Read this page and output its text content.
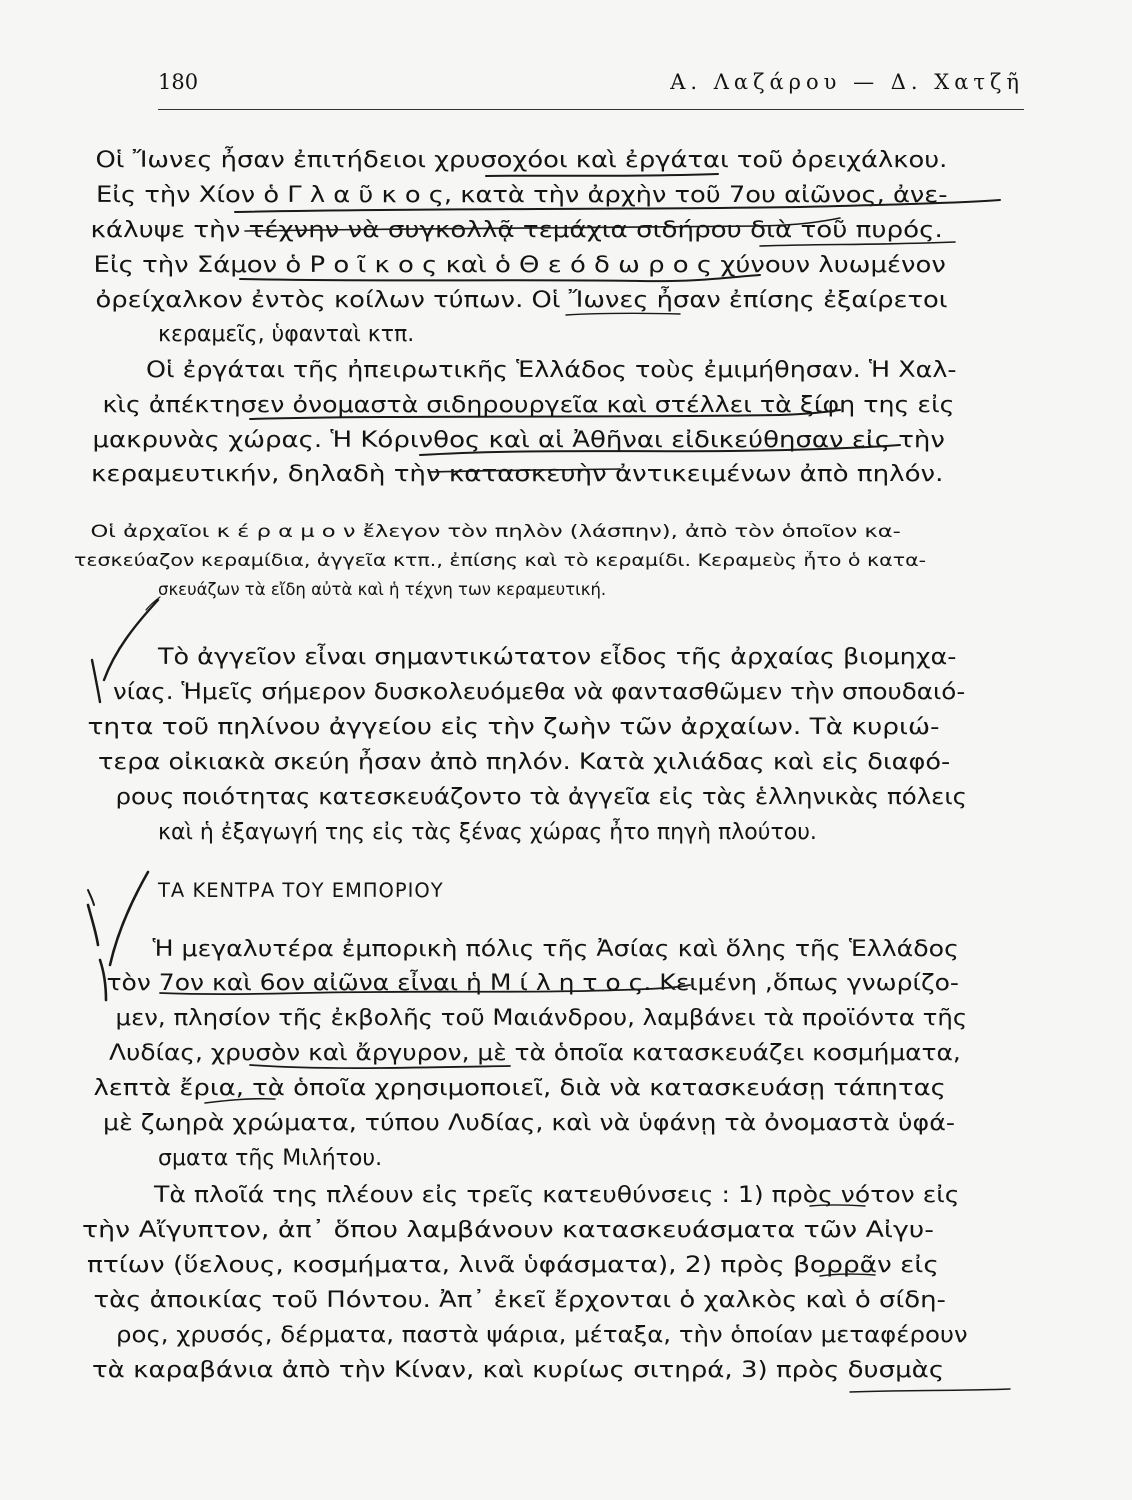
180	Α. Λαζάρου — Δ. Χατζῆ
Οἱ Ἴωνες ἦσαν ἐπιτήδειοι χρυσοχόοι καὶ ἐργάται τοῦ ὀρειχάλκου.
Εἰς τὴν Χίον ὁ Γ λ α ῦ κ ο ς, κατὰ τὴν ἀρχὴν τοῦ 7ου αἰῶνος, ἀνε-
κάλυψε τὴν τέχνην νὰ συγκολλᾷ τεμάχια σιδήρου διὰ τοῦ πυρός.
Εἰς τὴν Σάμον ὁ Ρ ο ῖ κ ο ς καὶ ὁ Θ ε ό δ ω ρ ο ς χύνουν λυωμένον
ὀρείχαλκον ἐντὸς κοίλων τύπων. Οἱ Ἴωνες ἦσαν ἐπίσης ἐξαίρετοι
κεραμεῖς, ὑφανταὶ κτπ.
Οἱ ἐργάται τῆς ἠπειρωτικῆς Ἑλλάδος τοὺς ἐμιμήθησαν. Ἡ Χαλ-
κὶς ἀπέκτησεν ὀνομαστὰ σιδηρουργεῖα καὶ στέλλει τὰ ξίφη της εἰς
μακρυνὰς χώρας. Ἡ Κόρινθος καὶ αἱ Ἀθῆναι εἰδικεύθησαν εἰς τὴν
κεραμευτικήν, δηλαδὴ τὴν κατασκευὴν ἀντικειμένων ἀπὸ πηλόν.
Οἱ ἀρχαῖοι κ έ ρ α μ ο ν ἔλεγον τὸν πηλὸν (λάσπην), ἀπὸ τὸν ὁποῖον κα-
τεσκεύαζον κεραμίδια, ἀγγεῖα κτπ., ἐπίσης καὶ τὸ κεραμίδι. Κεραμεὺς ἦτο ὁ κατα-
σκευάζων τὰ εἴδη αὐτὰ καὶ ἡ τέχνη των κεραμευτική.
Τὸ ἀγγεῖον εἶναι σημαντικώτατον εἶδος τῆς ἀρχαίας βιομηχα-
νίας. Ἡμεῖς σήμερον δυσκολευόμεθα νὰ φαντασθῶμεν τὴν σπουδαιό-
τητα τοῦ πηλίνου ἀγγείου εἰς τὴν ζωὴν τῶν ἀρχαίων. Τὰ κυριώ-
τερα οἰκιακὰ σκεύη ἦσαν ἀπὸ πηλόν. Κατὰ χιλιάδας καὶ εἰς διαφό-
ρους ποιότητας κατεσκευάζοντο τὰ ἀγγεῖα εἰς τὰς ἑλληνικὰς πόλεις
καὶ ἡ ἐξαγωγή της εἰς τὰς ξένας χώρας ἦτο πηγὴ πλούτου.
ΤΑ ΚΕΝΤΡΑ ΤΟΥ ΕΜΠΟΡΙΟΥ
Ἡ μεγαλυτέρα ἐμπορικὴ πόλις τῆς Ἀσίας καὶ ὅλης τῆς Ἑλλάδος
τὸν 7ον καὶ 6ον αἰῶνα εἶναι ἡ Μ ί λ η τ ο ς. Κειμένη ,ὅπως γνωρίζο-
μεν, πλησίον τῆς ἐκβολῆς τοῦ Μαιάνδρου, λαμβάνει τὰ προϊόντα τῆς
Λυδίας, χρυσὸν καὶ ἄργυρον, μὲ τὰ ὁποῖα κατασκευάζει κοσμήματα,
λεπτὰ ἔρια, τὰ ὁποῖα χρησιμοποιεῖ, διὰ νὰ κατασκευάσῃ τάπητας
μὲ ζωηρὰ χρώματα, τύπου Λυδίας, καὶ νὰ ὑφάνῃ τὰ ὀνομαστὰ ὑφά-
σματα τῆς Μιλήτου.
Τὰ πλοῖά της πλέουν εἰς τρεῖς κατευθύνσεις : 1) πρὸς νότον εἰς
τὴν Αἴγυπτον, ἀπ᾽ ὅπου λαμβάνουν κατασκευάσματα τῶν Αἰγυ-
πτίων (ὕελους, κοσμήματα, λινᾶ ὑφάσματα), 2) πρὸς βορρᾶν εἰς
τὰς ἀποικίας τοῦ Πόντου. Ἀπ᾽ ἐκεῖ ἔρχονται ὁ χαλκὸς καὶ ὁ σίδη-
ρος, χρυσός, δέρματα, παστὰ ψάρια, μέταξα, τὴν ὁποίαν μεταφέρουν
τὰ καραβάνια ἀπὸ τὴν Κίναν, καὶ κυρίως σιτηρά, 3) πρὸς δυσμὰς
